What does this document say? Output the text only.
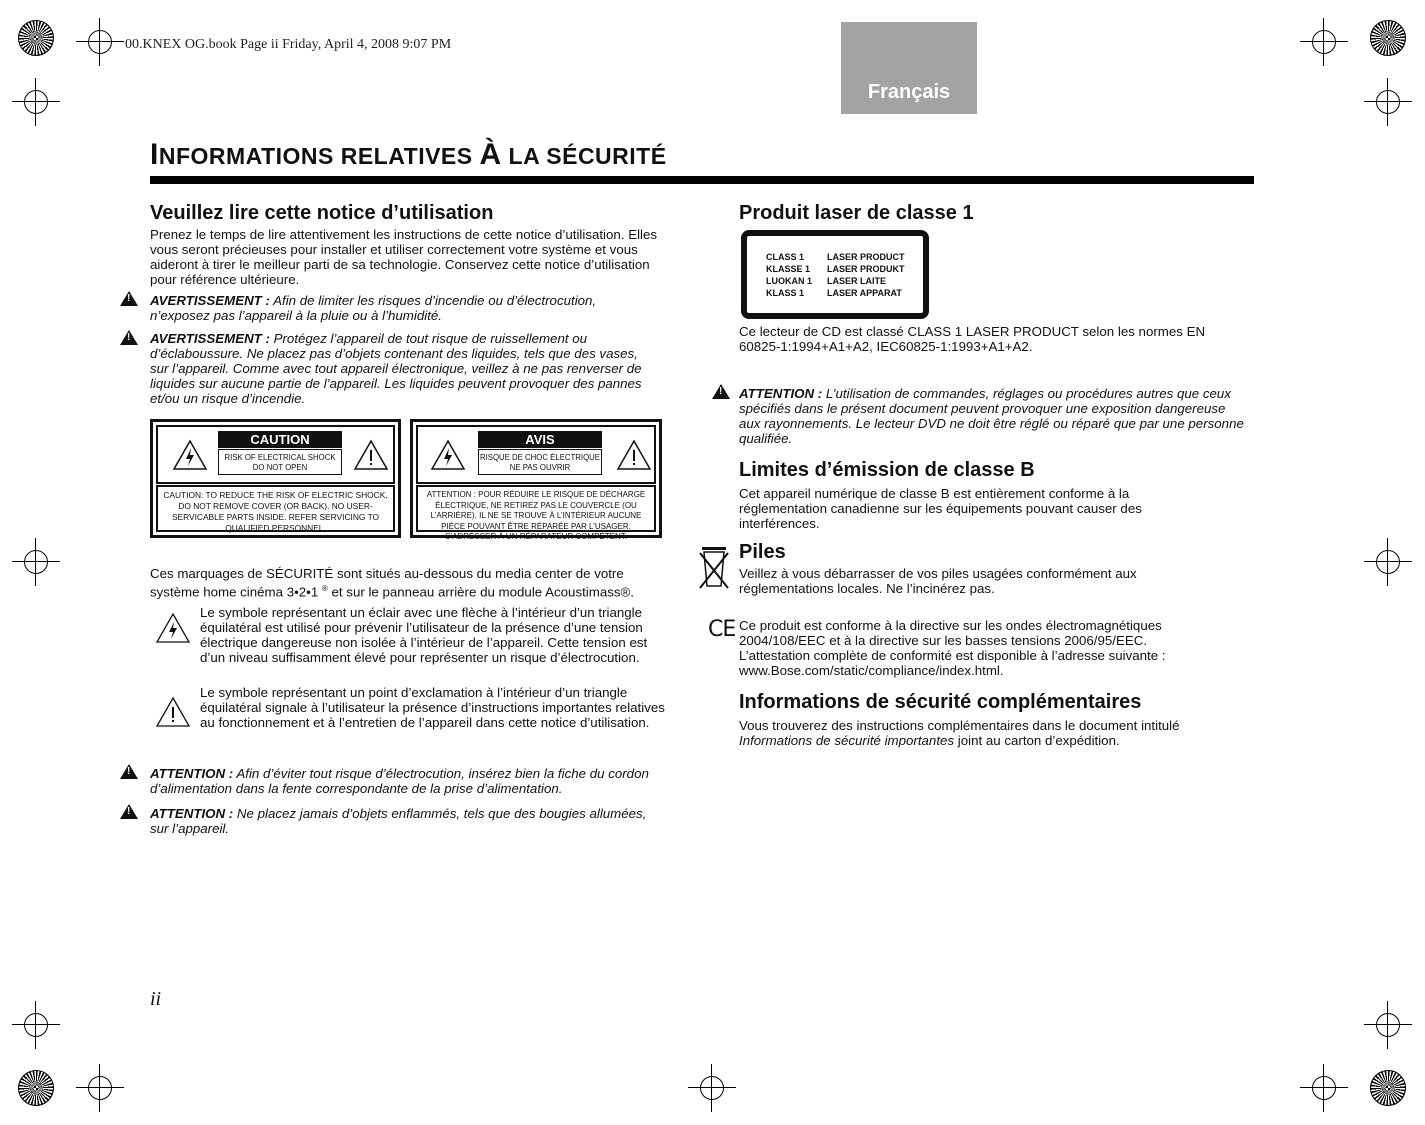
00.KNEX OG.book Page ii Friday, April 4, 2008 9:07 PM
Français
INFORMATIONS RELATIVES À LA SÉCURITÉ
Veuillez lire cette notice d’utilisation

Prenez le temps de lire attentivement les instructions de cette notice d’utilisation. Elles vous seront précieuses pour installer et utiliser correctement votre système et vous aideront à tirer le meilleur parti de sa technologie. Conservez cette notice d’utilisation pour référence ultérieure.

!

AVERTISSEMENT : Afin de limiter les risques d’incendie ou d’électrocution, n’exposez pas l’appareil à la pluie ou à l’humidité.

!

AVERTISSEMENT : Protégez l’appareil de tout risque de ruissellement ou d’éclaboussure. Ne placez pas d’objets contenant des liquides, tels que des vases, sur l’appareil. Comme avec tout appareil électronique, veillez à ne pas renverser de liquides sur aucune partie de l’appareil. Les liquides peuvent provoquer des pannes et/ou un risque d’incendie.

CAUTION
RISK OF ELECTRICAL SHOCK DO NOT OPEN
CAUTION: TO REDUCE THE RISK OF ELECTRIC SHOCK, DO NOT REMOVE COVER (OR BACK). NO USER-SERVICABLE PARTS INSIDE. REFER SERVICING TO QUALIFIED PERSONNEL.
AVIS
RISQUE DE CHOC ÉLECTRIQUE NE PAS OUVRIR
ATTENTION : POUR RÉDUIRE LE RISQUE DE DÉCHARGE ÉLECTRIQUE, NE RETIREZ PAS LE COUVERCLE (OU L’ARRIÈRE). IL NE SE TROUVE À L’INTÉRIEUR AUCUNE PIÈCE POUVANT ÊTRE RÉPARÉE PAR L’USAGER. S’ADRESSER À UN RÉPARATEUR COMPÉTENT.

Ces marquages de SÉCURITÉ sont situés au-dessous du media center de votre système home cinéma 3•2•1 ® et sur le panneau arrière du module Acoustimass®.

Le symbole représentant un éclair avec une flèche à l’intérieur d’un triangle équilatéral est utilisé pour prévenir l’utilisateur de la présence d’une tension électrique dangereuse non isolée à l’intérieur de l’appareil. Cette tension est d’un niveau suffisamment élevé pour représenter un risque d’électrocution.

Le symbole représentant un point d’exclamation à l’intérieur d’un triangle équilatéral signale à l’utilisateur la présence d’instructions importantes relatives au fonctionnement et à l’entretien de l’appareil dans cette notice d’utilisation.

!

ATTENTION : Afin d’éviter tout risque d’électrocution, insérez bien la fiche du cordon d’alimentation dans la fente correspondante de la prise d’alimentation.

!

ATTENTION : Ne placez jamais d’objets enflammés, tels que des bougies allumées, sur l’appareil.

Produit laser de classe 1
CLASS 1
KLASSE 1
LUOKAN 1
KLASS 1
LASER PRODUCT
LASER PRODUKT
LASER LAITE
LASER APPARAT

Ce lecteur de CD est classé CLASS 1 LASER PRODUCT selon les normes EN 60825-1:1994+A1+A2, IEC60825-1:1993+A1+A2.

!

ATTENTION : L’utilisation de commandes, réglages ou procédures autres que ceux spécifiés dans le présent document peuvent provoquer une exposition dangereuse aux rayonnements. Le lecteur DVD ne doit être réglé ou réparé que par une personne qualifiée.

Limites d’émission de classe B

Cet appareil numérique de classe B est entièrement conforme à la réglementation canadienne sur les équipements pouvant causer des interférences.

Piles

Veillez à vous débarrasser de vos piles usagées conformément aux réglementations locales. Ne l’incinérez pas.

CE Ce produit est conforme à la directive sur les ondes électromagnétiques 2004/108/EEC et à la directive sur les basses tensions 2006/95/EEC. L’attestation complète de conformité est disponible à l’adresse suivante : www.Bose.com/static/compliance/index.html.

Informations de sécurité complémentaires

Vous trouverez des instructions complémentaires dans le document intitulé Informations de sécurité importantes joint au carton d’expédition.

ii
